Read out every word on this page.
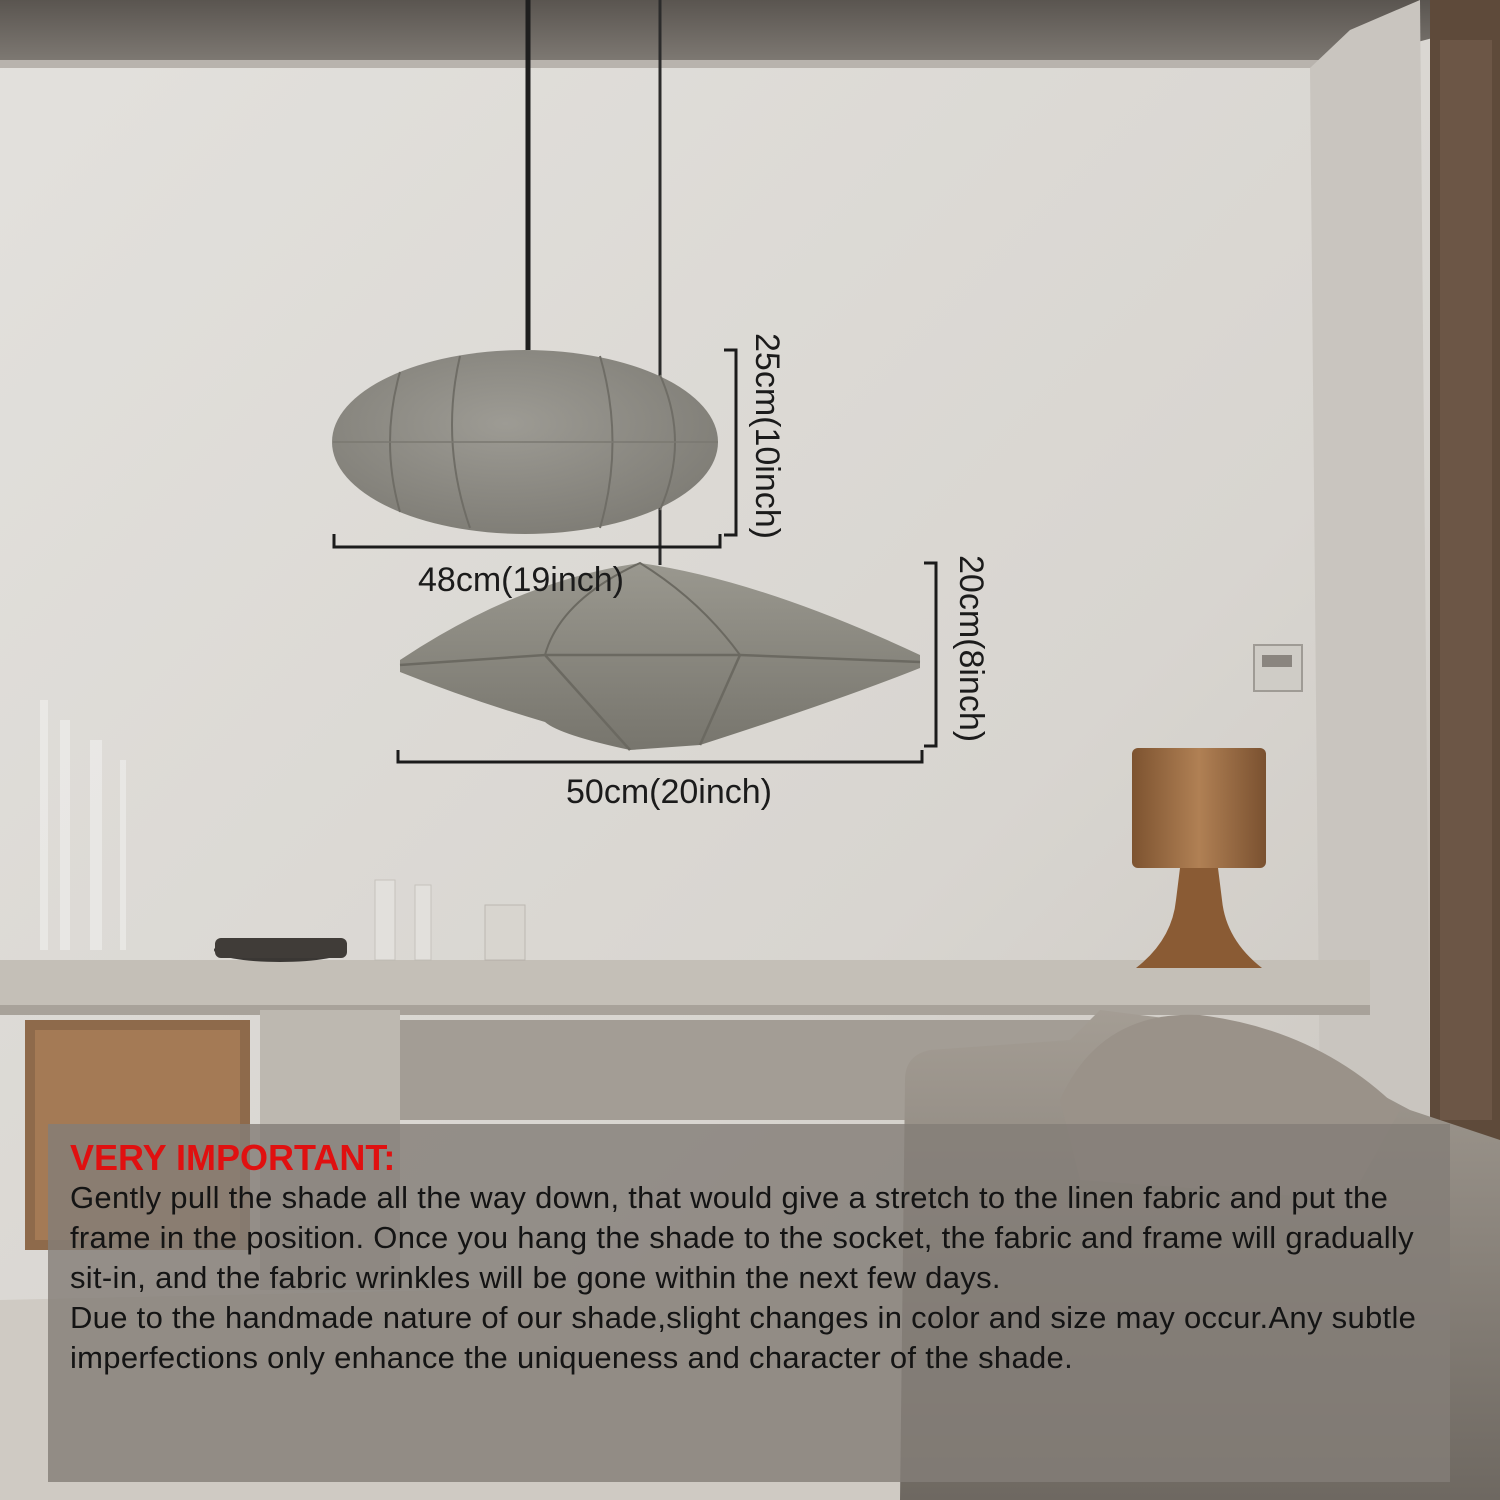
25cm(10inch)
48cm(19inch)	20cm(8inch)
50cm(20inch)

VERY IMPORTANT:

Gently pull the shade all the way down, that would give a stretch to the linen fabric and put the frame in the position. Once you hang the shade to the socket, the fabric and frame will gradually sit-in, and the fabric wrinkles will be gone within the next few days.

Due to the handmade nature of our shade,slight changes in color and size may occur.Any subtle imperfections only enhance the uniqueness and character of the shade.
